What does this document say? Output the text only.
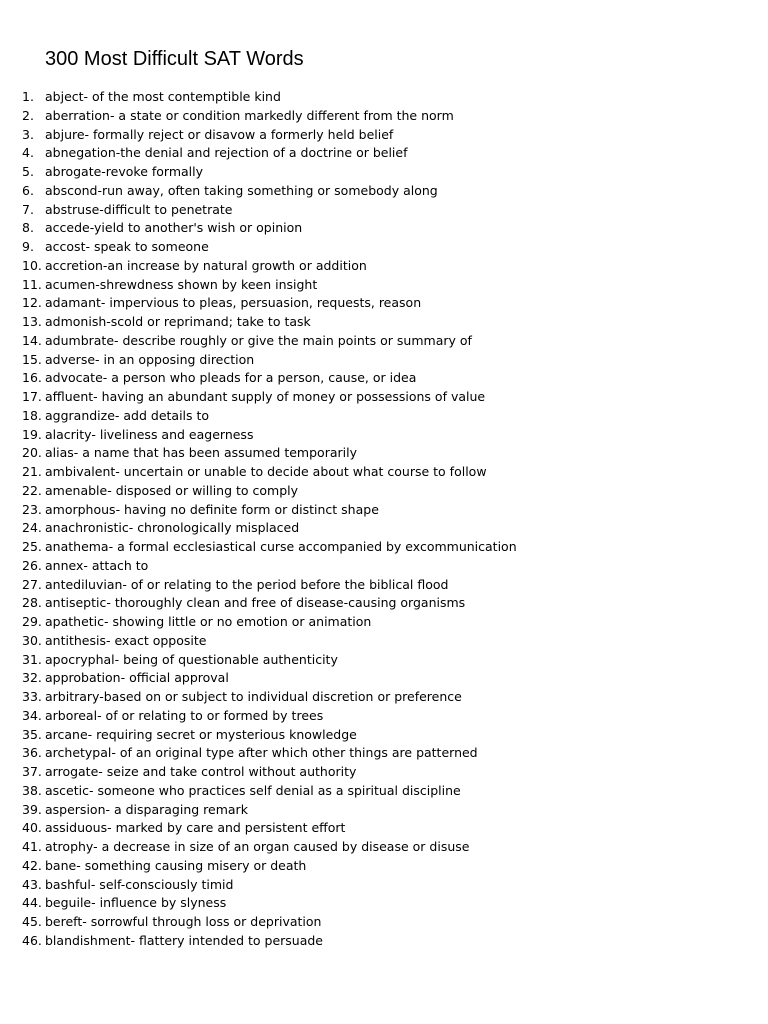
300 Most Difficult SAT Words
1. abject- of the most contemptible kind
2. aberration- a state or condition markedly different from the norm
3. abjure- formally reject or disavow a formerly held belief
4. abnegation-the denial and rejection of a doctrine or belief
5. abrogate-revoke formally
6. abscond-run away, often taking something or somebody along
7. abstruse-difficult to penetrate
8. accede-yield to another's wish or opinion
9. accost- speak to someone
10. accretion-an increase by natural growth or addition
11. acumen-shrewdness shown by keen insight
12. adamant- impervious to pleas, persuasion, requests, reason
13. admonish-scold or reprimand; take to task
14. adumbrate- describe roughly or give the main points or summary of
15. adverse- in an opposing direction
16. advocate- a person who pleads for a person, cause, or idea
17. affluent- having an abundant supply of money or possessions of value
18. aggrandize- add details to
19. alacrity- liveliness and eagerness
20. alias- a name that has been assumed temporarily
21. ambivalent- uncertain or unable to decide about what course to follow
22. amenable- disposed or willing to comply
23. amorphous- having no definite form or distinct shape
24. anachronistic- chronologically misplaced
25. anathema- a formal ecclesiastical curse accompanied by excommunication
26. annex- attach to
27. antediluvian- of or relating to the period before the biblical flood
28. antiseptic- thoroughly clean and free of disease-causing organisms
29. apathetic- showing little or no emotion or animation
30. antithesis- exact opposite
31. apocryphal- being of questionable authenticity
32. approbation- official approval
33. arbitrary-based on or subject to individual discretion or preference
34. arboreal- of or relating to or formed by trees
35. arcane- requiring secret or mysterious knowledge
36. archetypal- of an original type after which other things are patterned
37. arrogate- seize and take control without authority
38. ascetic- someone who practices self denial as a spiritual discipline
39. aspersion- a disparaging remark
40. assiduous- marked by care and persistent effort
41. atrophy- a decrease in size of an organ caused by disease or disuse
42. bane- something causing misery or death
43. bashful- self-consciously timid
44. beguile- influence by slyness
45. bereft- sorrowful through loss or deprivation
46. blandishment- flattery intended to persuade
